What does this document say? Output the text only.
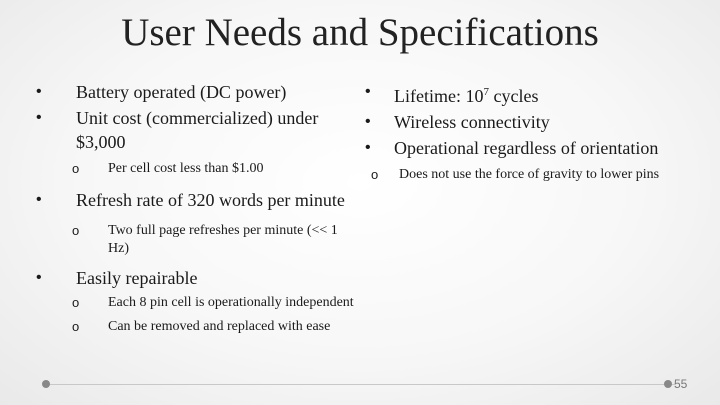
User Needs and Specifications
• Battery operated (DC power)
• Unit cost (commercialized) under $3,000
o Per cell cost less than $1.00
• Refresh rate of 320 words per minute
o Two full page refreshes per minute (<< 1 Hz)
• Easily repairable
o Each 8 pin cell is operationally independent
o Can be removed and replaced with ease
• Lifetime: $10^7$ cycles
• Wireless connectivity
• Operational regardless of orientation
o Does not use the force of gravity to lower pins
55
